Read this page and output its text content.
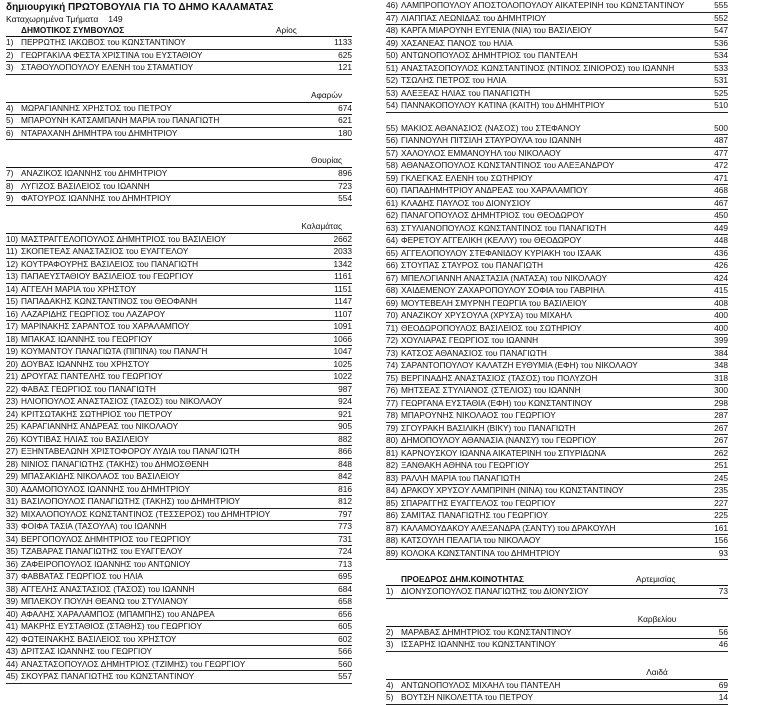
δημιουργική ΠΡΩΤΟΒΟΥΛΙΑ ΓΙΑ ΤΟ ΔΗΜΟ ΚΑΛΑΜΑΤΑΣ
Καταχωρημένα Τμήματα 149
ΔΗΜΟΤΙΚΟΣ ΣΥΜΒΟΥΛΟΣ	Αρίος
1) ΠΕΡΡΩΤΗΣ ΙΑΚΩΒΟΣ του ΚΩΝΣΤΑΝΤΙΝΟΥ	1133
2) ΓΕΩΡΓΑΚΙΛΑ ΦΕΣΤΑ ΧΡΙΣΤΙΝΑ του ΕΥΣΤΑΘΙΟΥ	625
3) ΣΤΑΘΟΥΛΟΠΟΥΛΟΥ ΕΛΕΝΗ του ΣΤΑΜΑΤΙΟΥ	121
Αφαρών
4) ΜΩΡΑΓΙΑΝΝΗΣ ΧΡΗΣΤΟΣ του ΠΕΤΡΟΥ	674
5) ΜΠΑΡΟΥΝΗ ΚΑΤΣΑΜΠΑΝΗ ΜΑΡΙΑ του ΠΑΝΑΓΙΩΤΗ	621
6) ΝΤΑΡΑΧΑΝΗ ΔΗΜΗΤΡΑ του ΔΗΜΗΤΡΙΟΥ	180
Θουρίας
7) ΑΝΑΖΙΚΟΣ ΙΩΑΝΝΗΣ του ΔΗΜΗΤΡΙΟΥ	896
8) ΛΥΓΙΖΟΣ ΒΑΣΙΛΕΙΟΣ του ΙΩΑΝΝΗ	723
9) ΦΑΤΟΥΡΟΣ ΙΩΑΝΝΗΣ του ΔΗΜΗΤΡΙΟΥ	554
Καλαμάτας
10) ΜΑΣΤΡΑΓΓΕΛΟΠΟΥΛΟΣ ΔΗΜΗΤΡΙΟΣ του ΒΑΣΙΛΕΙΟΥ	2662
11) ΣΚΟΠΕΤΕΑΣ ΑΝΑΣΤΑΣΙΟΣ του ΕΥΑΓΓΕΛΟΥ	2033
12) ΚΟΥΤΡΑΦΟΥΡΗΣ ΒΑΣΙΛΕΙΟΣ του ΠΑΝΑΓΙΩΤΗ	1342
13) ΠΑΠΑΕΥΣΤΑΘΙΟΥ ΒΑΣΙΛΕΙΟΣ του ΓΕΩΡΓΙΟΥ	1161
14) ΑΓΓΕΛΗ ΜΑΡΙΑ του ΧΡΗΣΤΟΥ	1151
15) ΠΑΠΑΔΑΚΗΣ ΚΩΝΣΤΑΝΤΙΝΟΣ του ΘΕΟΦΑΝΗ	1147
16) ΛΑΖΑΡΙΔΗΣ ΓΕΩΡΓΙΟΣ του ΛΑΖΑΡΟΥ	1107
17) ΜΑΡΙΝΑΚΗΣ ΣΑΡΑΝΤΟΣ του ΧΑΡΑΛΑΜΠΟΥ	1091
18) ΜΠΑΚΑΣ ΙΩΑΝΝΗΣ του ΓΕΩΡΓΙΟΥ	1066
19) ΚΟΥΜΑΝΤΟΥ ΠΑΝΑΓΙΩΤΑ (ΠΙΠΙΝΑ) του ΠΑΝΑΓΗ	1047
20) ΔΟΥΒΑΣ ΙΩΑΝΝΗΣ του ΧΡΗΣΤΟΥ	1025
21) ΔΡΟΥΓΑΣ ΠΑΝΤΕΛΗΣ του ΓΕΩΡΓΙΟΥ	1022
22) ΦΑΒΑΣ ΓΕΩΡΓΙΟΣ του ΠΑΝΑΓΙΩΤΗ	987
23) ΗΛΙΟΠΟΥΛΟΣ ΑΝΑΣΤΑΣΙΟΣ (ΤΑΣΟΣ) του ΝΙΚΟΛΑΟΥ	924
24) ΚΡΙΤΣΩΤΑΚΗΣ ΣΩΤΗΡΙΟΣ του ΠΕΤΡΟΥ	921
25) ΚΑΡΑΓΙΑΝΝΗΣ ΑΝΔΡΕΑΣ του ΝΙΚΟΛΑΟΥ	905
26) ΚΟΥΤΙΒΑΣ ΗΛΙΑΣ του ΒΑΣΙΛΕΙΟΥ	882
27) ΕΞΗΝΤΑΒΕΛΩΝΗ ΧΡΙΣΤΟΦΟΡΟΥ ΛΥΔΙΑ του ΠΑΝΑΓΙΩΤΗ	866
28) ΝΙΝΙΟΣ ΠΑΝΑΓΙΩΤΗΣ (ΤΑΚΗΣ) του ΔΗΜΟΣΘΕΝΗ	848
29) ΜΠΑΣΑΚΙΔΗΣ ΝΙΚΟΛΑΟΣ του ΒΑΣΙΛΕΙΟΥ	842
30) ΑΔΑΜΟΠΟΥΛΟΣ ΙΩΑΝΝΗΣ του ΔΗΜΗΤΡΙΟΥ	816
31) ΒΑΣΙΛΟΠΟΥΛΟΣ ΠΑΝΑΓΙΩΤΗΣ (ΤΑΚΗΣ) του ΔΗΜΗΤΡΙΟΥ	812
32) ΜΙΧΑΛΟΠΟΥΛΟΣ ΚΩΝΣΤΑΝΤΙΝΟΣ (ΤΕΣΣΕΡΟΣ) του ΔΗΜΗΤΡΙΟΥ	797
33) ΦΟΙΦΑ ΤΑΣΙΑ (ΤΑΣΟΥΛΑ) του ΙΩΑΝΝΗ	773
34) ΒΕΡΓΟΠΟΥΛΟΣ ΔΗΜΗΤΡΙΟΣ του ΓΕΩΡΓΙΟΥ	731
35) ΤΖΑΒΑΡΑΣ ΠΑΝΑΓΙΩΤΗΣ του ΕΥΑΓΓΕΛΟΥ	724
36) ΖΑΦΕΙΡΟΠΟΥΛΟΣ ΙΩΑΝΝΗΣ του ΑΝΤΩΝΙΟΥ	713
37) ΦΑΒΒΑΤΑΣ ΓΕΩΡΓΙΟΣ του ΗΛΙΑ	695
38) ΑΓΓΕΛΗΣ ΑΝΑΣΤΑΣΙΟΣ (ΤΑΣΟΣ) του ΙΩΑΝΝΗ	684
39) ΜΠΛΕΚΟΥ ΠΟΥΛΗ ΘΕΑΝΩ του ΣΤΥΛΙΑΝΟΥ	658
40) ΑΦΑΛΗΣ ΧΑΡΑΛΑΜΠΟΣ (ΜΠΑΜΠΗΣ) του ΑΝΔΡΕΑ	656
41) ΜΑΚΡΗΣ ΕΥΣΤΑΘΙΟΣ (ΣΤΑΘΗΣ) του ΓΕΩΡΓΙΟΥ	605
42) ΦΩΤΕΙΝΑΚΗΣ ΒΑΣΙΛΕΙΟΣ του ΧΡΗΣΤΟΥ	602
43) ΔΡΙΤΣΑΣ ΙΩΑΝΝΗΣ του ΓΕΩΡΓΙΟΥ	566
44) ΑΝΑΣΤΑΣΟΠΟΥΛΟΣ ΔΗΜΗΤΡΙΟΣ (ΤΖΙΜΗΣ) του ΓΕΩΡΓΙΟΥ	560
45) ΣΚΟΥΡΑΣ ΠΑΝΑΓΙΩΤΗΣ του ΚΩΝΣΤΑΝΤΙΝΟΥ	557
46) ΛΑΜΠΡΟΠΟΥΛΟΥ ΑΠΟΣΤΟΛΟΠΟΥΛΟΥ ΑΙΚΑΤΕΡΙΝΗ του ΚΩΝΣΤΑΝΤΙΝΟΥ	555
47) ΛΙΑΠΠΑΣ ΛΕΩΝΙΔΑΣ του ΔΗΜΗΤΡΙΟΥ	552
48) ΚΑΡΓΑ ΜΙΑΡΟΥΝΗ ΕΥΓΕΝΙΑ (ΝΙΑ) του ΒΑΣΙΛΕΙΟΥ	547
49) ΧΑΣΑΝΕΑΣ ΠΑΝΟΣ του ΗΛΙΑ	536
50) ΑΝΤΩΝΟΠΟΥΛΟΣ ΔΗΜΗΤΡΙΟΣ του ΠΑΝΤΕΛΗ	534
51) ΑΝΑΣΤΑΣΟΠΟΥΛΟΣ ΚΩΝΣΤΑΝΤΙΝΟΣ (ΝΤΙΝΟΣ ΣΙΝΙΟΡΟΣ) του ΙΩΑΝΝΗ	533
52) ΤΣΩΛΗΣ ΠΕΤΡΟΣ του ΗΛΙΑ	531
53) ΑΛΕΞΕΑΣ ΗΛΙΑΣ του ΠΑΝΑΓΙΩΤΗ	525
54) ΠΑΝΝΑΚΟΠΟΥΛΟΥ ΚΑΤΙΝΑ (ΚΑΙΤΗ) του ΔΗΜΗΤΡΙΟΥ	510
55) ΜΑΚΙΟΣ ΑΘΑΝΑΣΙΟΣ (ΝΑΣΟΣ) του ΣΤΕΦΑΝΟΥ	500
56) ΓΙΑΝΝΟΥΛΗ ΠΙΤΣΙΛΗ ΣΤΑΥΡΟΥΛΑ του ΙΩΑΝΝΗ	487
57) ΧΑΛΟΥΛΟΣ ΕΜΜΑΝΟΥΗΛ του ΝΙΚΟΛΑΟΥ	477
58) ΑΘΑΝΑΣΟΠΟΥΛΟΣ ΚΩΝΣΤΑΝΤΙΝΟΣ του ΑΛΕΞΑΝΔΡΟΥ	472
59) ΓΚΛΕΓΚΑΣ ΕΛΕΝΗ του ΣΩΤΗΡΙΟΥ	471
60) ΠΑΠΑΔΗΜΗΤΡΙΟΥ ΑΝΔΡΕΑΣ του ΧΑΡΑΛΑΜΠΟΥ	468
61) ΚΛΑΔΗΣ ΠΑΥΛΟΣ του ΔΙΟΝΥΣΙΟΥ	467
62) ΠΑΝΑΓΟΠΟΥΛΟΣ ΔΗΜΗΤΡΙΟΣ του ΘΕΟΔΩΡΟΥ	450
63) ΣΤΥΛΙΑΝΟΠΟΥΛΟΣ ΚΩΝΣΤΑΝΤΙΝΟΣ του ΠΑΝΑΓΙΩΤΗ	449
64) ΦΕΡΕΤΟΥ ΑΓΓΕΛΙΚΗ (ΚΕΛΛΥ) του ΘΕΟΔΩΡΟΥ	448
65) ΑΓΓΕΛΟΠΟΥΛΟΥ ΣΤΕΦΑΝΙΔΟΥ ΚΥΡΙΑΚΗ του ΙΣΑΑΚ	436
66) ΣΤΟΥΠΑΣ ΣΤΑΥΡΟΣ του ΠΑΝΑΓΙΩΤΗ	426
67) ΜΠΕΛΟΓΙΑΝΝΗ ΑΝΑΣΤΑΣΙΑ (ΝΑΤΑΣΑ) του ΝΙΚΟΛΑΟΥ	424
68) ΧΑΙΔΕΜΕΝΟΥ ΖΑΧΑΡΟΠΟΥΛΟΥ ΣΟΦΙΑ του ΓΑΒΡΙΗΛ	415
69) ΜΟΥΤΕΒΕΛΗ ΣΜΥΡΝΗ ΓΕΩΡΓΙΑ του ΒΑΣΙΛΕΙΟΥ	408
70) ΑΝΑΖΙΚΟΥ ΧΡΥΣΟΥΛΑ (ΧΡΥΣΑ) του ΜΙΧΑΗΛ	400
71) ΘΕΟΔΩΡΟΠΟΥΛΟΣ ΒΑΣΙΛΕΙΟΣ του ΣΩΤΗΡΙΟΥ	400
72) ΧΟΥΛΙΑΡΑΣ ΓΕΩΡΓΙΟΣ του ΙΩΑΝΝΗ	399
73) ΚΑΤΣΟΣ ΑΘΑΝΑΣΙΟΣ του ΠΑΝΑΓΙΩΤΗ	384
74) ΣΑΡΑΝΤΟΠΟΥΛΟΥ ΚΑΛΑΤΖΗ ΕΥΘΥΜΙΑ (ΕΦΗ) του ΝΙΚΟΛΑΟΥ	348
75) ΒΕΡΓΙΝΑΔΗΣ ΑΝΑΣΤΑΣΙΟΣ (ΤΑΣΟΣ) του ΠΟΛΥΖΟΗ	318
76) ΜΗΤΣΕΑΣ ΣΤΥΛΙΑΝΟΣ (ΣΤΕΛΙΟΣ) του ΙΩΑΝΝΗ	300
77) ΓΕΩΡΓΑΝΑ ΕΥΣΤΑΘΙΑ (ΕΦΗ) του ΚΩΝΣΤΑΝΤΙΝΟΥ	298
78) ΜΠΑΡΟΥΝΗΣ ΝΙΚΟΛΑΟΣ του ΓΕΩΡΓΙΟΥ	287
79) ΣΓΟΥΡΑΚΗ ΒΑΣΙΛΙΚΗ (ΒΙΚΥ) του ΠΑΝΑΓΙΩΤΗ	267
80) ΔΗΜΟΠΟΥΛΟΥ ΑΘΑΝΑΣΙΑ (ΝΑΝΣΥ) του ΓΕΩΡΓΙΟΥ	267
81) ΚΑΡΝΟΥΣΚΟΥ ΙΩΑΝΝΑ ΑΙΚΑΤΕΡΙΝΗ του ΣΠΥΡΙΔΩΝΑ	262
82) ΞΑΝΘΑΚΗ ΑΘΗΝΑ του ΓΕΩΡΓΙΟΥ	251
83) ΡΑΛΛΗ ΜΑΡΙΑ του ΠΑΝΑΓΙΩΤΗ	245
84) ΔΡΑΚΟΥ ΧΡΥΣΟΥ ΛΑΜΠΡΙΝΗ (ΝΙΝΑ) του ΚΩΝΣΤΑΝΤΙΝΟΥ	235
85) ΣΠΑΡΑΓΓΗΣ ΕΥΑΓΓΕΛΟΣ του ΓΕΩΡΓΙΟΥ	227
86) ΣΑΜΙΤΑΣ ΠΑΝΑΓΙΩΤΗΣ του ΓΕΩΡΓΙΟΥ	225
87) ΚΑΛΑΜΟΥΔΑΚΟΥ ΑΛΕΞΑΝΔΡΑ (ΣΑΝΤΥ) του ΔΡΑΚΟΥΛΗ	161
88) ΚΑΤΣΟΥΛΗ ΠΕΛΑΓΙΑ του ΝΙΚΟΛΑΟΥ	156
89) ΚΟΛΟΚΑ ΚΩΝΣΤΑΝΤΙΝΑ του ΔΗΜΗΤΡΙΟΥ	93
ΠΡΟΕΔΡΟΣ ΔΗΜ.ΚΟΙΝΟΤΗΤΑΣ	Αρτεμισίας
1) ΔΙΟΝΥΣΟΠΟΥΛΟΣ ΠΑΝΑΓΙΩΤΗΣ του ΔΙΟΝΥΣΙΟΥ	73
Καρβελίου
2) ΜΑΡΑΒΑΣ ΔΗΜΗΤΡΙΟΣ του ΚΩΝΣΤΑΝΤΙΝΟΥ	56
3) ΙΣΣΑΡΗΣ ΙΩΑΝΝΗΣ του ΚΩΝΣΤΑΝΤΙΝΟΥ	46
Λαιδά
4) ΑΝΤΩΝΟΠΟΥΛΟΣ ΜΙΧΑΗΛ του ΠΑΝΤΕΛΗ	69
5) ΒΟΥΤΣΗ ΝΙΚΟΛΕΤΤΑ του ΠΕΤΡΟΥ	14
